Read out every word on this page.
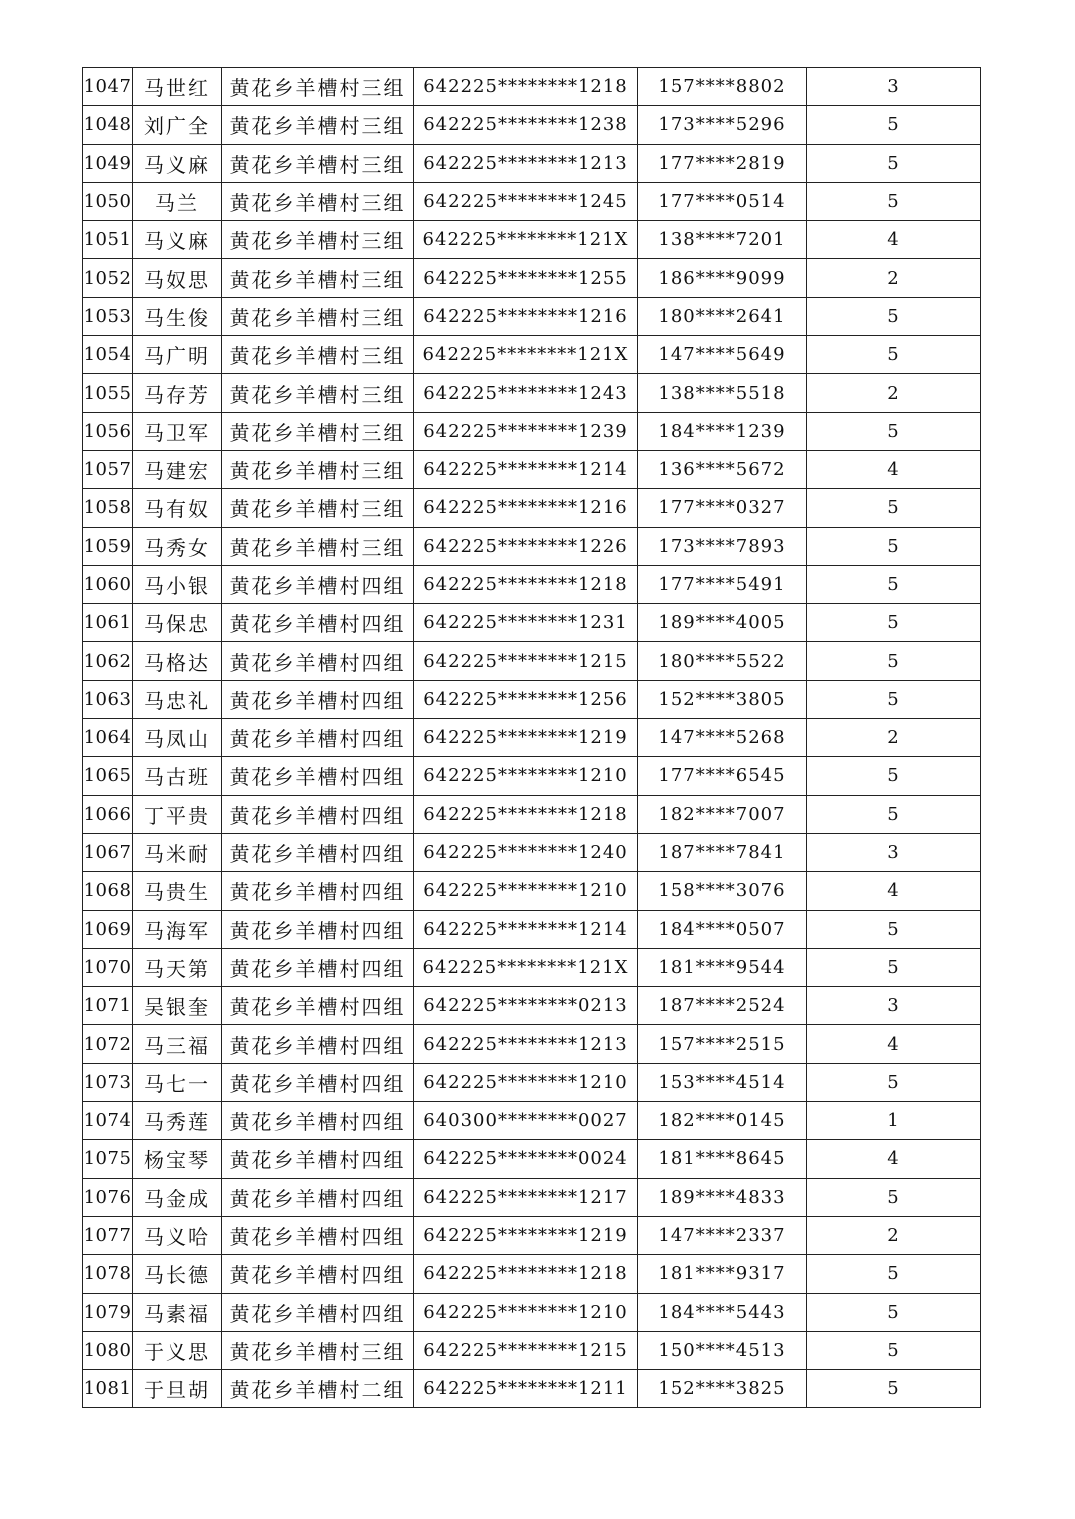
1047	马世红	黄花乡羊槽村三组	642225********1218	157****8802	3
1048	刘广全	黄花乡羊槽村三组	642225********1238	173****5296	5
1049	马义麻	黄花乡羊槽村三组	642225********1213	177****2819	5
1050	马兰	黄花乡羊槽村三组	642225********1245	177****0514	5
1051	马义麻	黄花乡羊槽村三组	642225********121X	138****7201	4
1052	马奴思	黄花乡羊槽村三组	642225********1255	186****9099	2
1053	马生俊	黄花乡羊槽村三组	642225********1216	180****2641	5
1054	马广明	黄花乡羊槽村三组	642225********121X	147****5649	5
1055	马存芳	黄花乡羊槽村三组	642225********1243	138****5518	2
1056	马卫军	黄花乡羊槽村三组	642225********1239	184****1239	5
1057	马建宏	黄花乡羊槽村三组	642225********1214	136****5672	4
1058	马有奴	黄花乡羊槽村三组	642225********1216	177****0327	5
1059	马秀女	黄花乡羊槽村三组	642225********1226	173****7893	5
1060	马小银	黄花乡羊槽村四组	642225********1218	177****5491	5
1061	马保忠	黄花乡羊槽村四组	642225********1231	189****4005	5
1062	马格达	黄花乡羊槽村四组	642225********1215	180****5522	5
1063	马忠礼	黄花乡羊槽村四组	642225********1256	152****3805	5
1064	马凤山	黄花乡羊槽村四组	642225********1219	147****5268	2
1065	马古班	黄花乡羊槽村四组	642225********1210	177****6545	5
1066	丁平贵	黄花乡羊槽村四组	642225********1218	182****7007	5
1067	马米耐	黄花乡羊槽村四组	642225********1240	187****7841	3
1068	马贵生	黄花乡羊槽村四组	642225********1210	158****3076	4
1069	马海军	黄花乡羊槽村四组	642225********1214	184****0507	5
1070	马天第	黄花乡羊槽村四组	642225********121X	181****9544	5
1071	吴银奎	黄花乡羊槽村四组	642225********0213	187****2524	3
1072	马三福	黄花乡羊槽村四组	642225********1213	157****2515	4
1073	马七一	黄花乡羊槽村四组	642225********1210	153****4514	5
1074	马秀莲	黄花乡羊槽村四组	640300********0027	182****0145	1
1075	杨宝琴	黄花乡羊槽村四组	642225********0024	181****8645	4
1076	马金成	黄花乡羊槽村四组	642225********1217	189****4833	5
1077	马义哈	黄花乡羊槽村四组	642225********1219	147****2337	2
1078	马长德	黄花乡羊槽村四组	642225********1218	181****9317	5
1079	马素福	黄花乡羊槽村四组	642225********1210	184****5443	5
1080	于义思	黄花乡羊槽村三组	642225********1215	150****4513	5
1081	于旦胡	黄花乡羊槽村二组	642225********1211	152****3825	5
